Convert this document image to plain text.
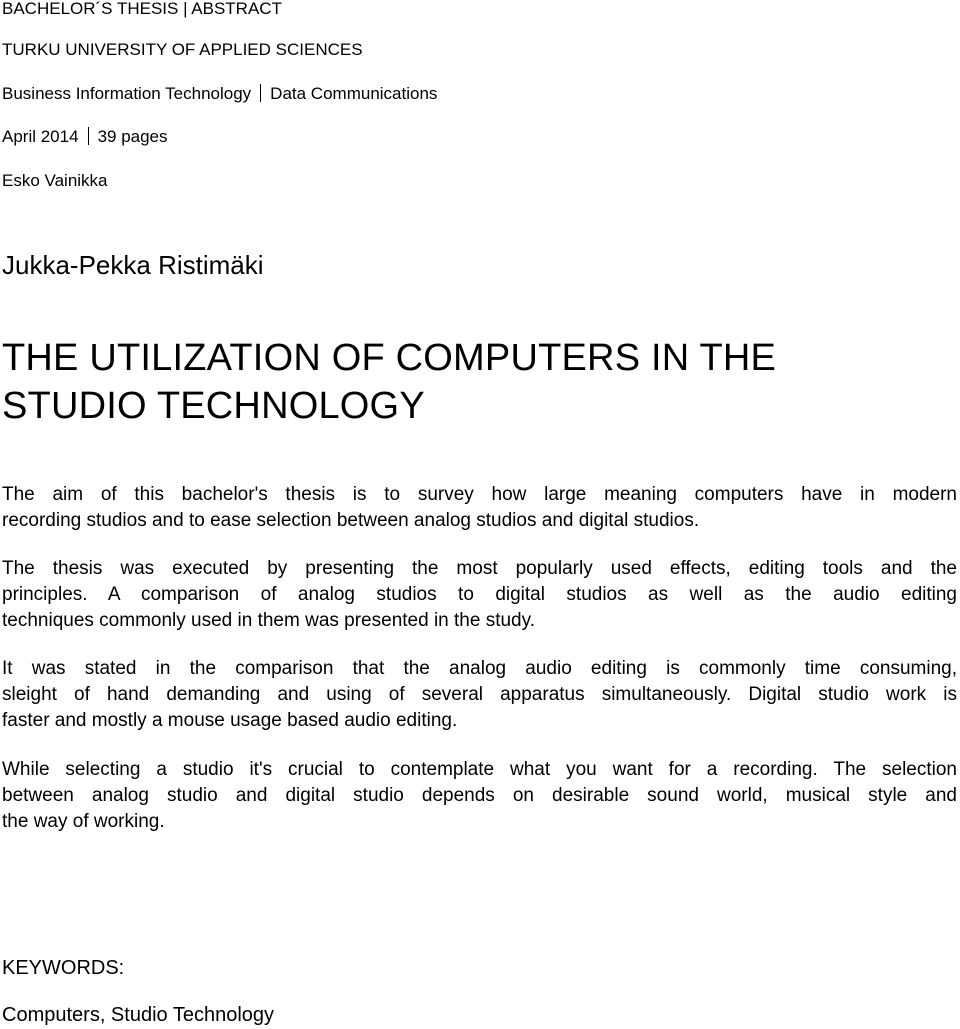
BACHELOR´S THESIS | ABSTRACT
TURKU UNIVERSITY OF APPLIED SCIENCES
Business Information Technology Data Communications
April 2014 39 pages
Esko Vainikka
Jukka-Pekka Ristimäki
THE UTILIZATION OF COMPUTERS IN THE
STUDIO TECHNOLOGY
The aim of this bachelor's thesis is to survey how large meaning computers have in modern
recording studios and to ease selection between analog studios and digital studios.
The thesis was executed by presenting the most popularly used effects, editing tools and the
principles. A comparison of analog studios to digital studios as well as the audio editing
techniques commonly used in them was presented in the study.
It was stated in the comparison that the analog audio editing is commonly time consuming,
sleight of hand demanding and using of several apparatus simultaneously. Digital studio work is
faster and mostly a mouse usage based audio editing.
While selecting a studio it's crucial to contemplate what you want for a recording. The selection
between analog studio and digital studio depends on desirable sound world, musical style and
the way of working.
KEYWORDS:
Computers, Studio Technology
